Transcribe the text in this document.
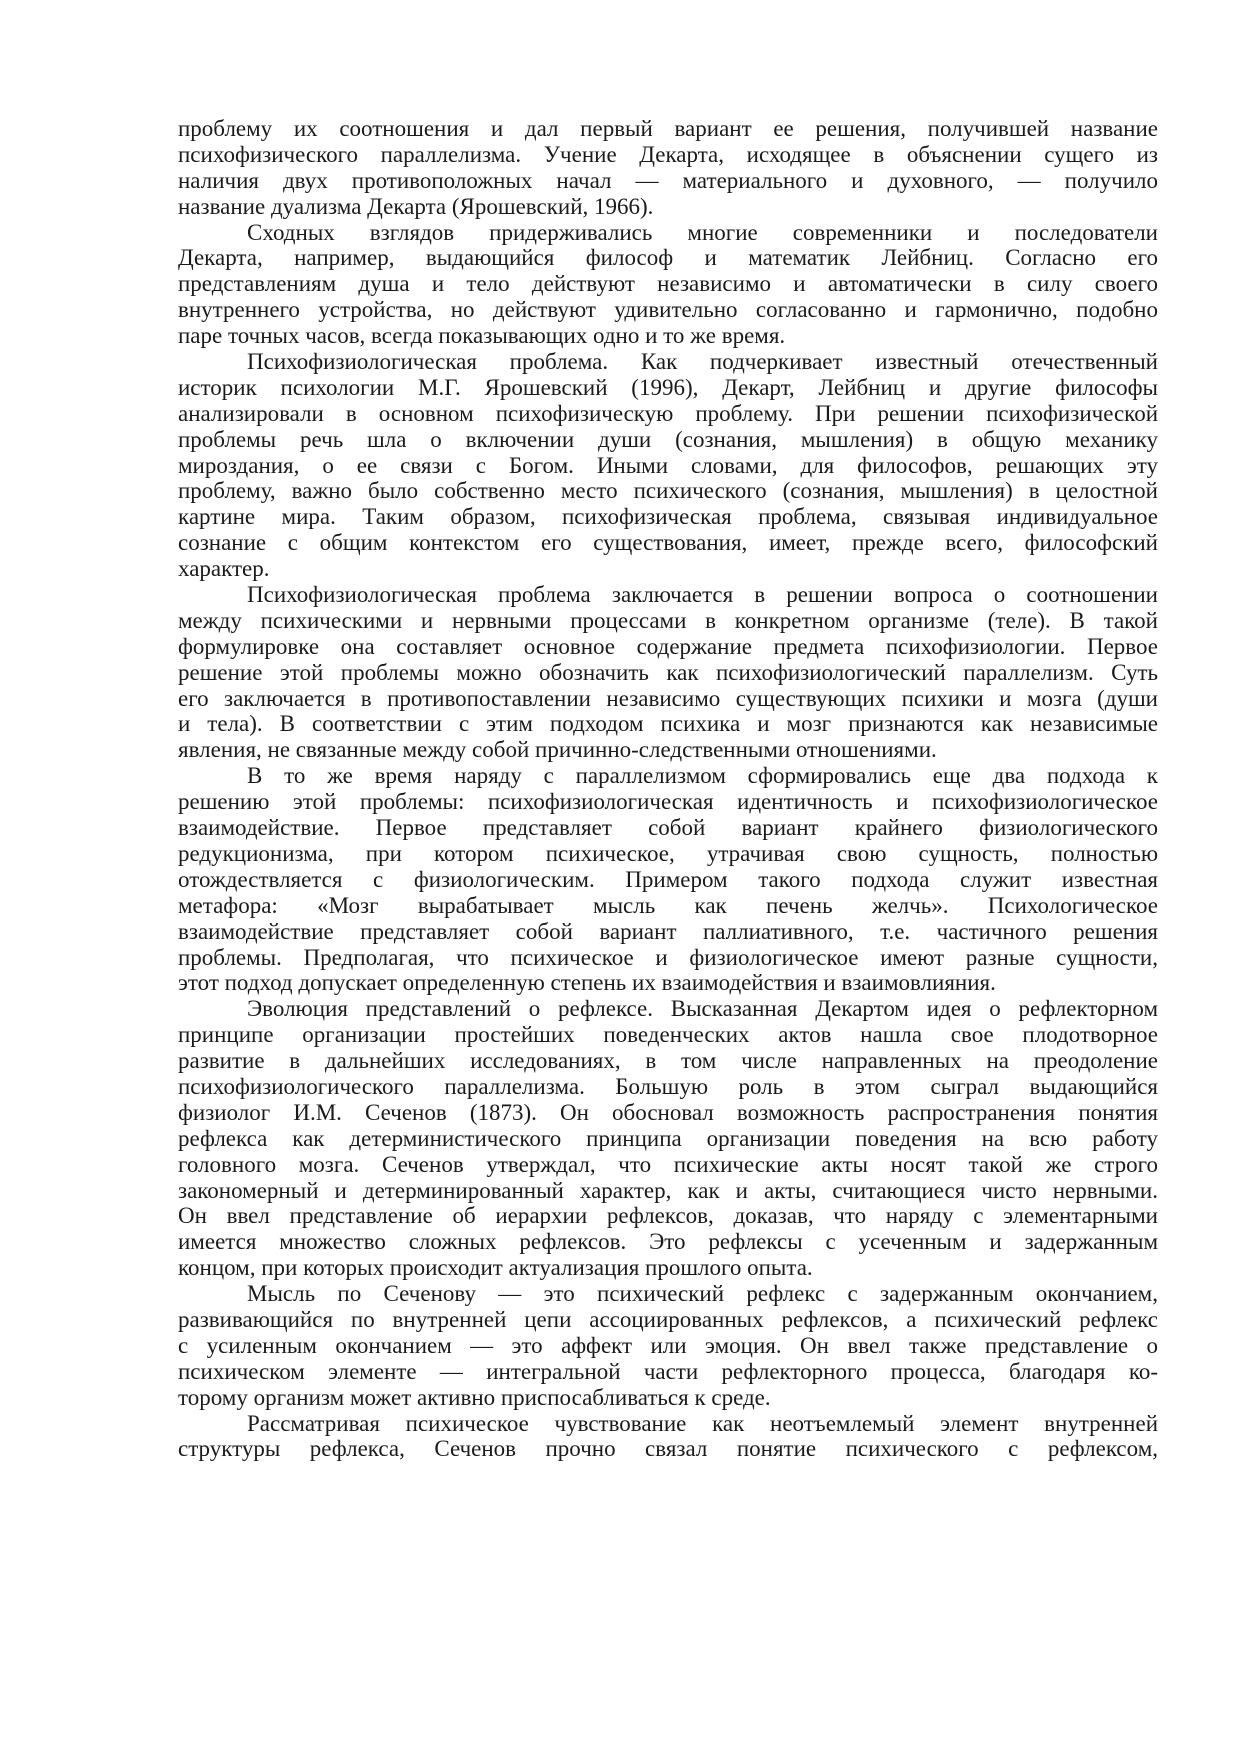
проблему их соотношения и дал первый вариант ее решения, получившей название
психофизического параллелизма. Учение Декарта, исходящее в объяснении сущего из
наличия двух противоположных начал — материального и духовного, — получило
название дуализма Декарта (Ярошевский, 1966).
Сходных взглядов придерживались многие современники и последователи
Декарта, например, выдающийся философ и математик Лейбниц. Согласно его
представлениям душа и тело действуют независимо и автоматически в силу своего
внутреннего устройства, но действуют удивительно согласованно и гармонично, подобно
паре точных часов, всегда показывающих одно и то же время.
Психофизиологическая проблема. Как подчеркивает известный отечественный
историк психологии М.Г. Ярошевский (1996), Декарт, Лейбниц и другие философы
анализировали в основном психофизическую проблему. При решении психофизической
проблемы речь шла о включении души (сознания, мышления) в общую механику
мироздания, о ее связи с Богом. Иными словами, для философов, решающих эту
проблему, важно было собственно место психического (сознания, мышления) в целостной
картине мира. Таким образом, психофизическая проблема, связывая индивидуальное
сознание с общим контекстом его существования, имеет, прежде всего, философский
характер.
Психофизиологическая проблема заключается в решении вопроса о соотношении
между психическими и нервными процессами в конкретном организме (теле). В такой
формулировке она составляет основное содержание предмета психофизиологии. Первое
решение этой проблемы можно обозначить как психофизиологический параллелизм. Суть
его заключается в противопоставлении независимо существующих психики и мозга (души
и тела). В соответствии с этим подходом психика и мозг признаются как независимые
явления, не связанные между собой причинно-следственными отношениями.
В то же время наряду с параллелизмом сформировались еще два подхода к
решению этой проблемы: психофизиологическая идентичность и психофизиологическое
взаимодействие. Первое представляет собой вариант крайнего физиологического
редукционизма, при котором психическое, утрачивая свою сущность, полностью
отождествляется с физиологическим. Примером такого подхода служит известная
метафора: «Мозг вырабатывает мысль как печень желчь». Психологическое
взаимодействие представляет собой вариант паллиативного, т.е. частичного решения
проблемы. Предполагая, что психическое и физиологическое имеют разные сущности,
этот подход допускает определенную степень их взаимодействия и взаимовлияния.
Эволюция представлений о рефлексе. Высказанная Декартом идея о рефлекторном
принципе организации простейших поведенческих актов нашла свое плодотворное
развитие в дальнейших исследованиях, в том числе направленных на преодоление
психофизиологического параллелизма. Большую роль в этом сыграл выдающийся
физиолог И.М. Сеченов (1873). Он обосновал возможность распространения понятия
рефлекса как детерминистического принципа организации поведения на всю работу
головного мозга. Сеченов утверждал, что психические акты носят такой же строго
закономерный и детерминированный характер, как и акты, считающиеся чисто нервными.
Он ввел представление об иерархии рефлексов, доказав, что наряду с элементарными
имеется множество сложных рефлексов. Это рефлексы с усеченным и задержанным
концом, при которых происходит актуализация прошлого опыта.
Мысль по Сеченову — это психический рефлекс с задержанным окончанием,
развивающийся по внутренней цепи ассоциированных рефлексов, а психический рефлекс
с усиленным окончанием — это аффект или эмоция. Он ввел также представление о
психическом элементе — интегральной части рефлекторного процесса, благодаря ко-
торому организм может активно приспосабливаться к среде.
Рассматривая психическое чувствование как неотъемлемый элемент внутренней
структуры рефлекса, Сеченов прочно связал понятие психического с рефлексом,
